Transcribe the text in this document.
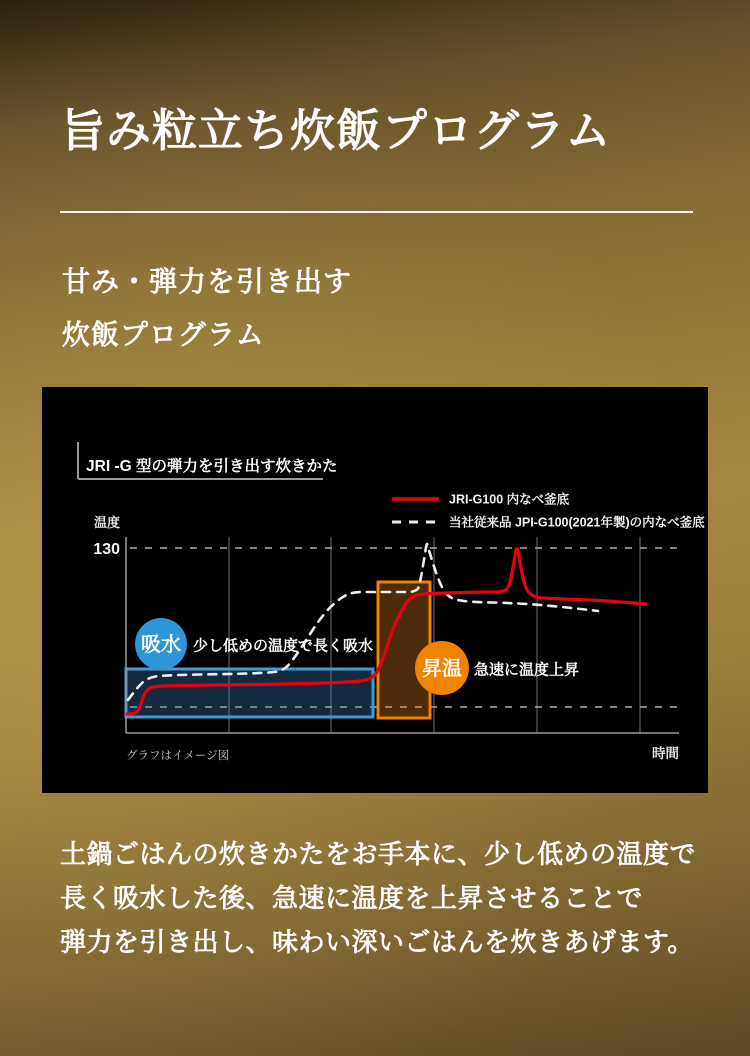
旨み粒立ち炊飯プログラム
甘み・弾力を引き出す
炊飯プログラム
吸水 少し低めの温度で長く吸水
昇温 急速に温度上昇
JRI -G 型の弾力を引き出す炊きかた
JRI-G100 内なべ釜底
当社従来品 JPI-G100(2021年製)の内なべ釜底
温度
130
時間
グラフはイメージ図
土鍋ごはんの炊きかたをお手本に、少し低めの温度で
長く吸水した後、急速に温度を上昇させることで
弾力を引き出し、味わい深いごはんを炊きあげます。
